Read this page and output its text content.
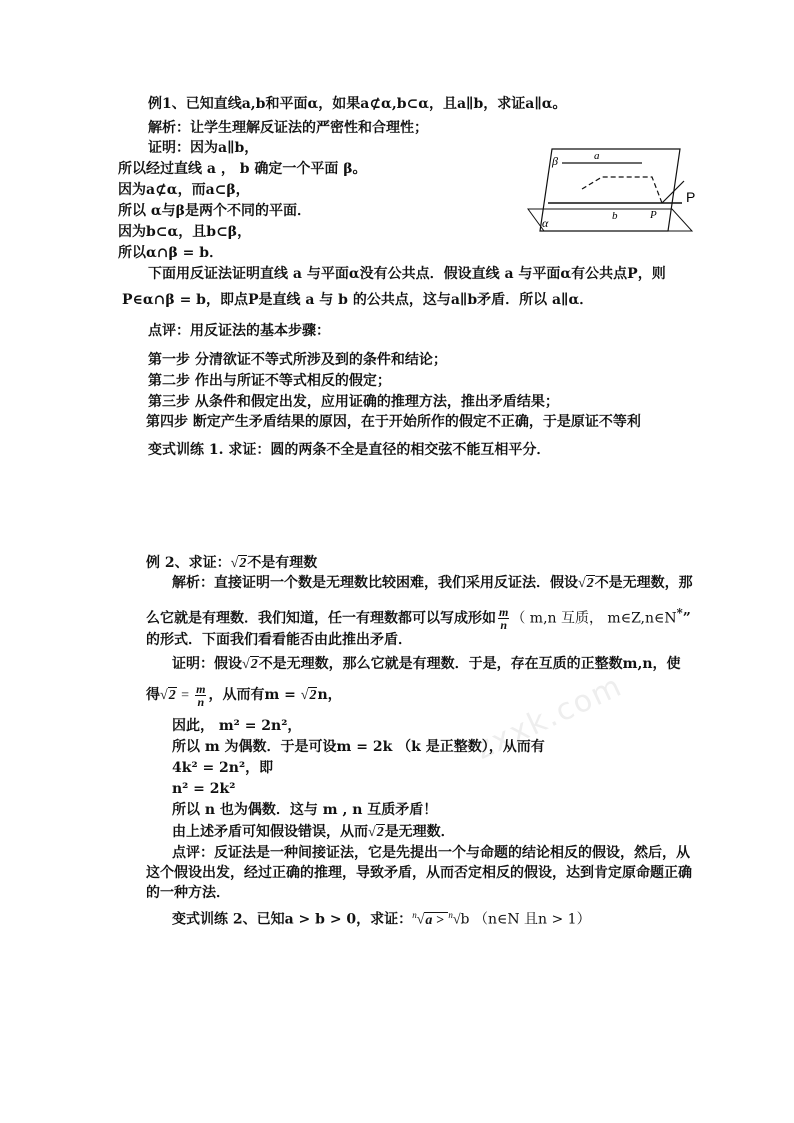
zxxk.com
例1、已知直线a,b和平面α，如果a⊄α,b⊂α，且a∥b，求证a∥α。
解析：让学生理解反证法的严密性和合理性；
证明：因为a∥b，
所以经过直线 a ， b 确定一个平面 β。
因为a⊄α，而a⊂β，
所以 α与β是两个不同的平面．
因为b⊂α，且b⊂β，
所以α∩β = b．
下面用反证法证明直线 a 与平面α没有公共点．假设直线 a 与平面α有公共点P，则
P∈α∩β = b，即点P是直线 a 与 b 的公共点，这与a∥b矛盾．所以 a∥α．
β	a
α	b	P
P
点评：用反证法的基本步骤：
第一步 分清欲证不等式所涉及到的条件和结论；
第二步 作出与所证不等式相反的假定；
第三步 从条件和假定出发，应用证确的推理方法，推出矛盾结果；
第四步 断定产生矛盾结果的原因，在于开始所作的假定不正确，于是原证不等利
变式训练 1. 求证：圆的两条不全是直径的相交弦不能互相平分．
例 2、求证：√2不是有理数
解析：直接证明一个数是无理数比较困难，我们采用反证法．假设√2不是无理数，那
么它就是有理数．我们知道，任一有理数都可以写成形如 $\frac{m}{n}$ （ m,n 互质， m∈Z,n∈N*”
的形式．下面我们看看能否由此推出矛盾．
证明：假设√2不是无理数，那么它就是有理数．于是，存在互质的正整数m,n，使
得$√2 = \frac{m}{n}$ ，从而有m = √2n，
因此， m² = 2n²，
所以 m 为偶数．于是可设m = 2k （k 是正整数），从而有
4k² = 2n²，即
n² = 2k²
所以 n 也为偶数．这与 m , n 互质矛盾！
由上述矛盾可知假设错误，从而√2是无理数．
点评：反证法是一种间接证法，它是先提出一个与命题的结论相反的假设，然后，从
这个假设出发，经过正确的推理，导致矛盾，从而否定相反的假设，达到肯定原命题正确
的一种方法．
变式训练 2、已知a > b > 0，求证：$^n$√a > $^n$√b （n∈N 且n > 1）
